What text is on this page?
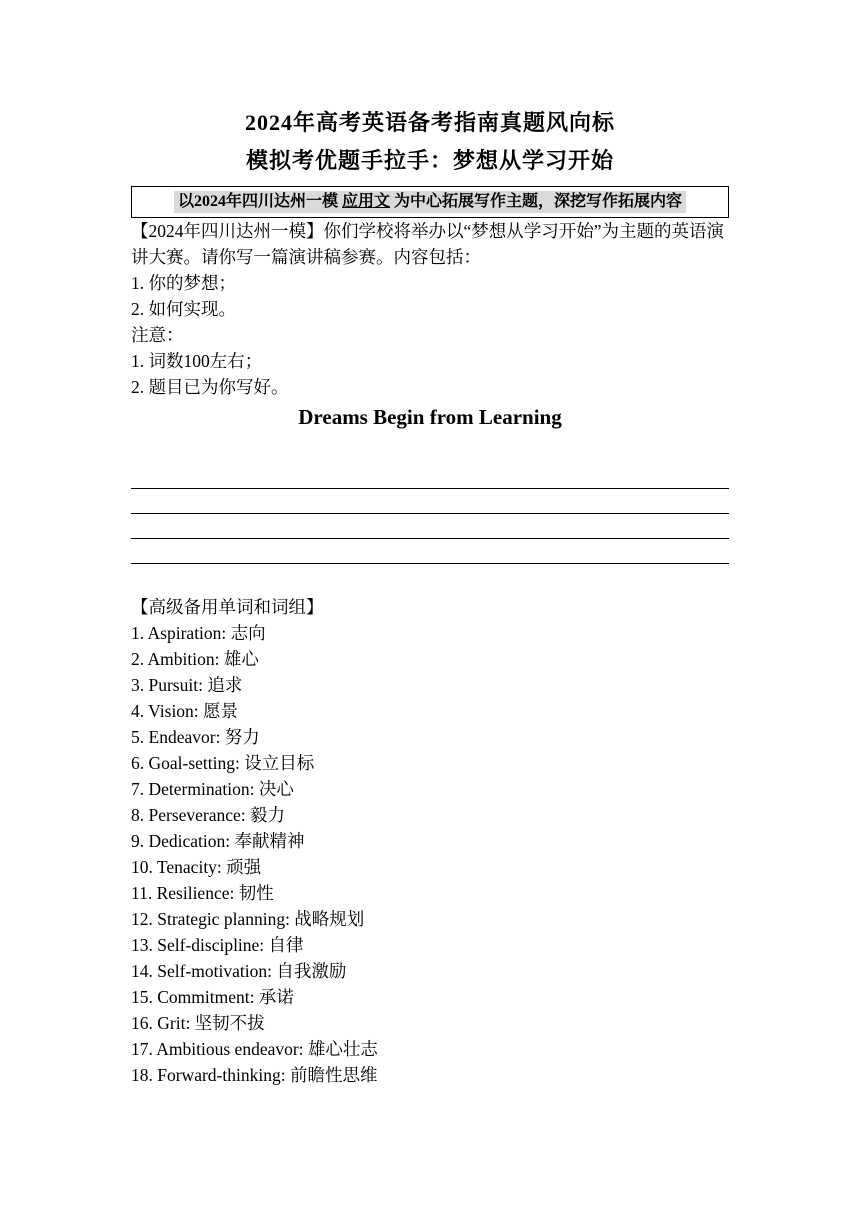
2024年高考英语备考指南真题风向标
模拟考优题手拉手：梦想从学习开始
以2024年四川达州一模 应用文 为中心拓展写作主题，深挖写作拓展内容

【2024年四川达州一模】你们学校将举办以“梦想从学习开始”为主题的英语演讲大赛。请你写一篇演讲稿参赛。内容包括：

1. 你的梦想；

2. 如何实现。

注意：

1. 词数100左右；

2. 题目已为你写好。

Dreams Begin from Learning

【高级备用单词和词组】

1. Aspiration: 志向
2. Ambition: 雄心
3. Pursuit: 追求
4. Vision: 愿景
5. Endeavor: 努力
6. Goal-setting: 设立目标
7. Determination: 决心
8. Perseverance: 毅力
9. Dedication: 奉献精神
10. Tenacity: 顽强
11. Resilience: 韧性
12. Strategic planning: 战略规划
13. Self-discipline: 自律
14. Self-motivation: 自我激励
15. Commitment: 承诺
16. Grit: 坚韧不拔
17. Ambitious endeavor: 雄心壮志
18. Forward-thinking: 前瞻性思维
